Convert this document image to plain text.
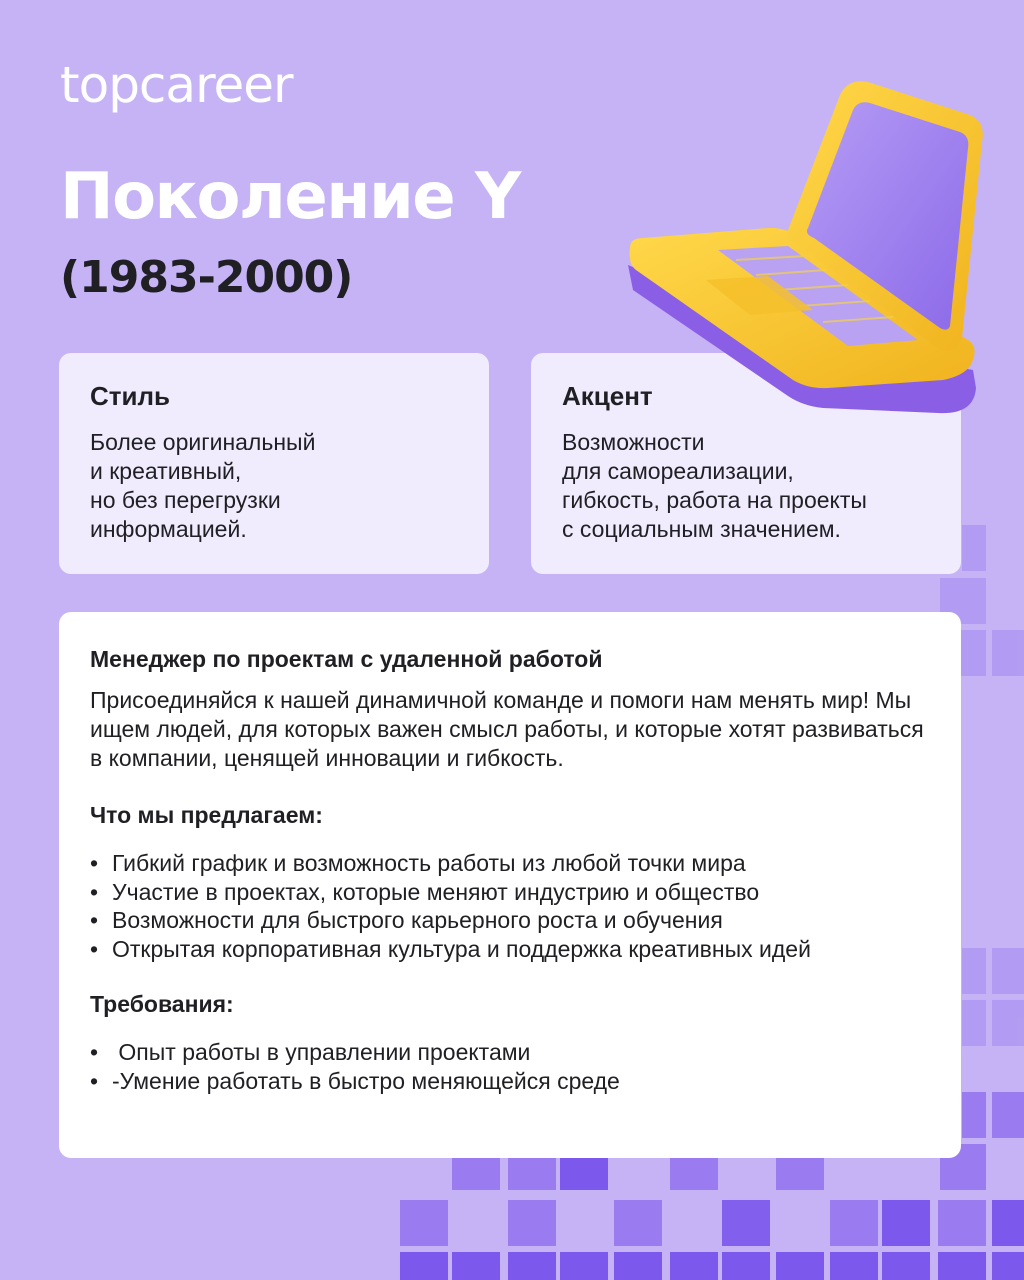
topcareer
Поколение Y
(1983-2000)
Стиль

Более оригинальный
и креативный,
но без перегрузки
информацией.

Акцент

Возможности
для самореализации,
гибкость, работа на проекты
с социальным значением.

Менеджер по проектам с удаленной работой

Присоединяйся к нашей динамичной команде и помоги нам менять мир! Мы ищем людей, для которых важен смысл работы, и которые хотят развиваться в компании, ценящей инновации и гибкость.

Что мы предлагаем:
• Гибкий график и возможность работы из любой точки мира
• Участие в проектах, которые меняют индустрию и общество
• Возможности для быстрого карьерного роста и обучения
• Открытая корпоративная культура и поддержка креативных идей
Требования:
•  Опыт работы в управлении проектами
• -Умение работать в быстро меняющейся среде
